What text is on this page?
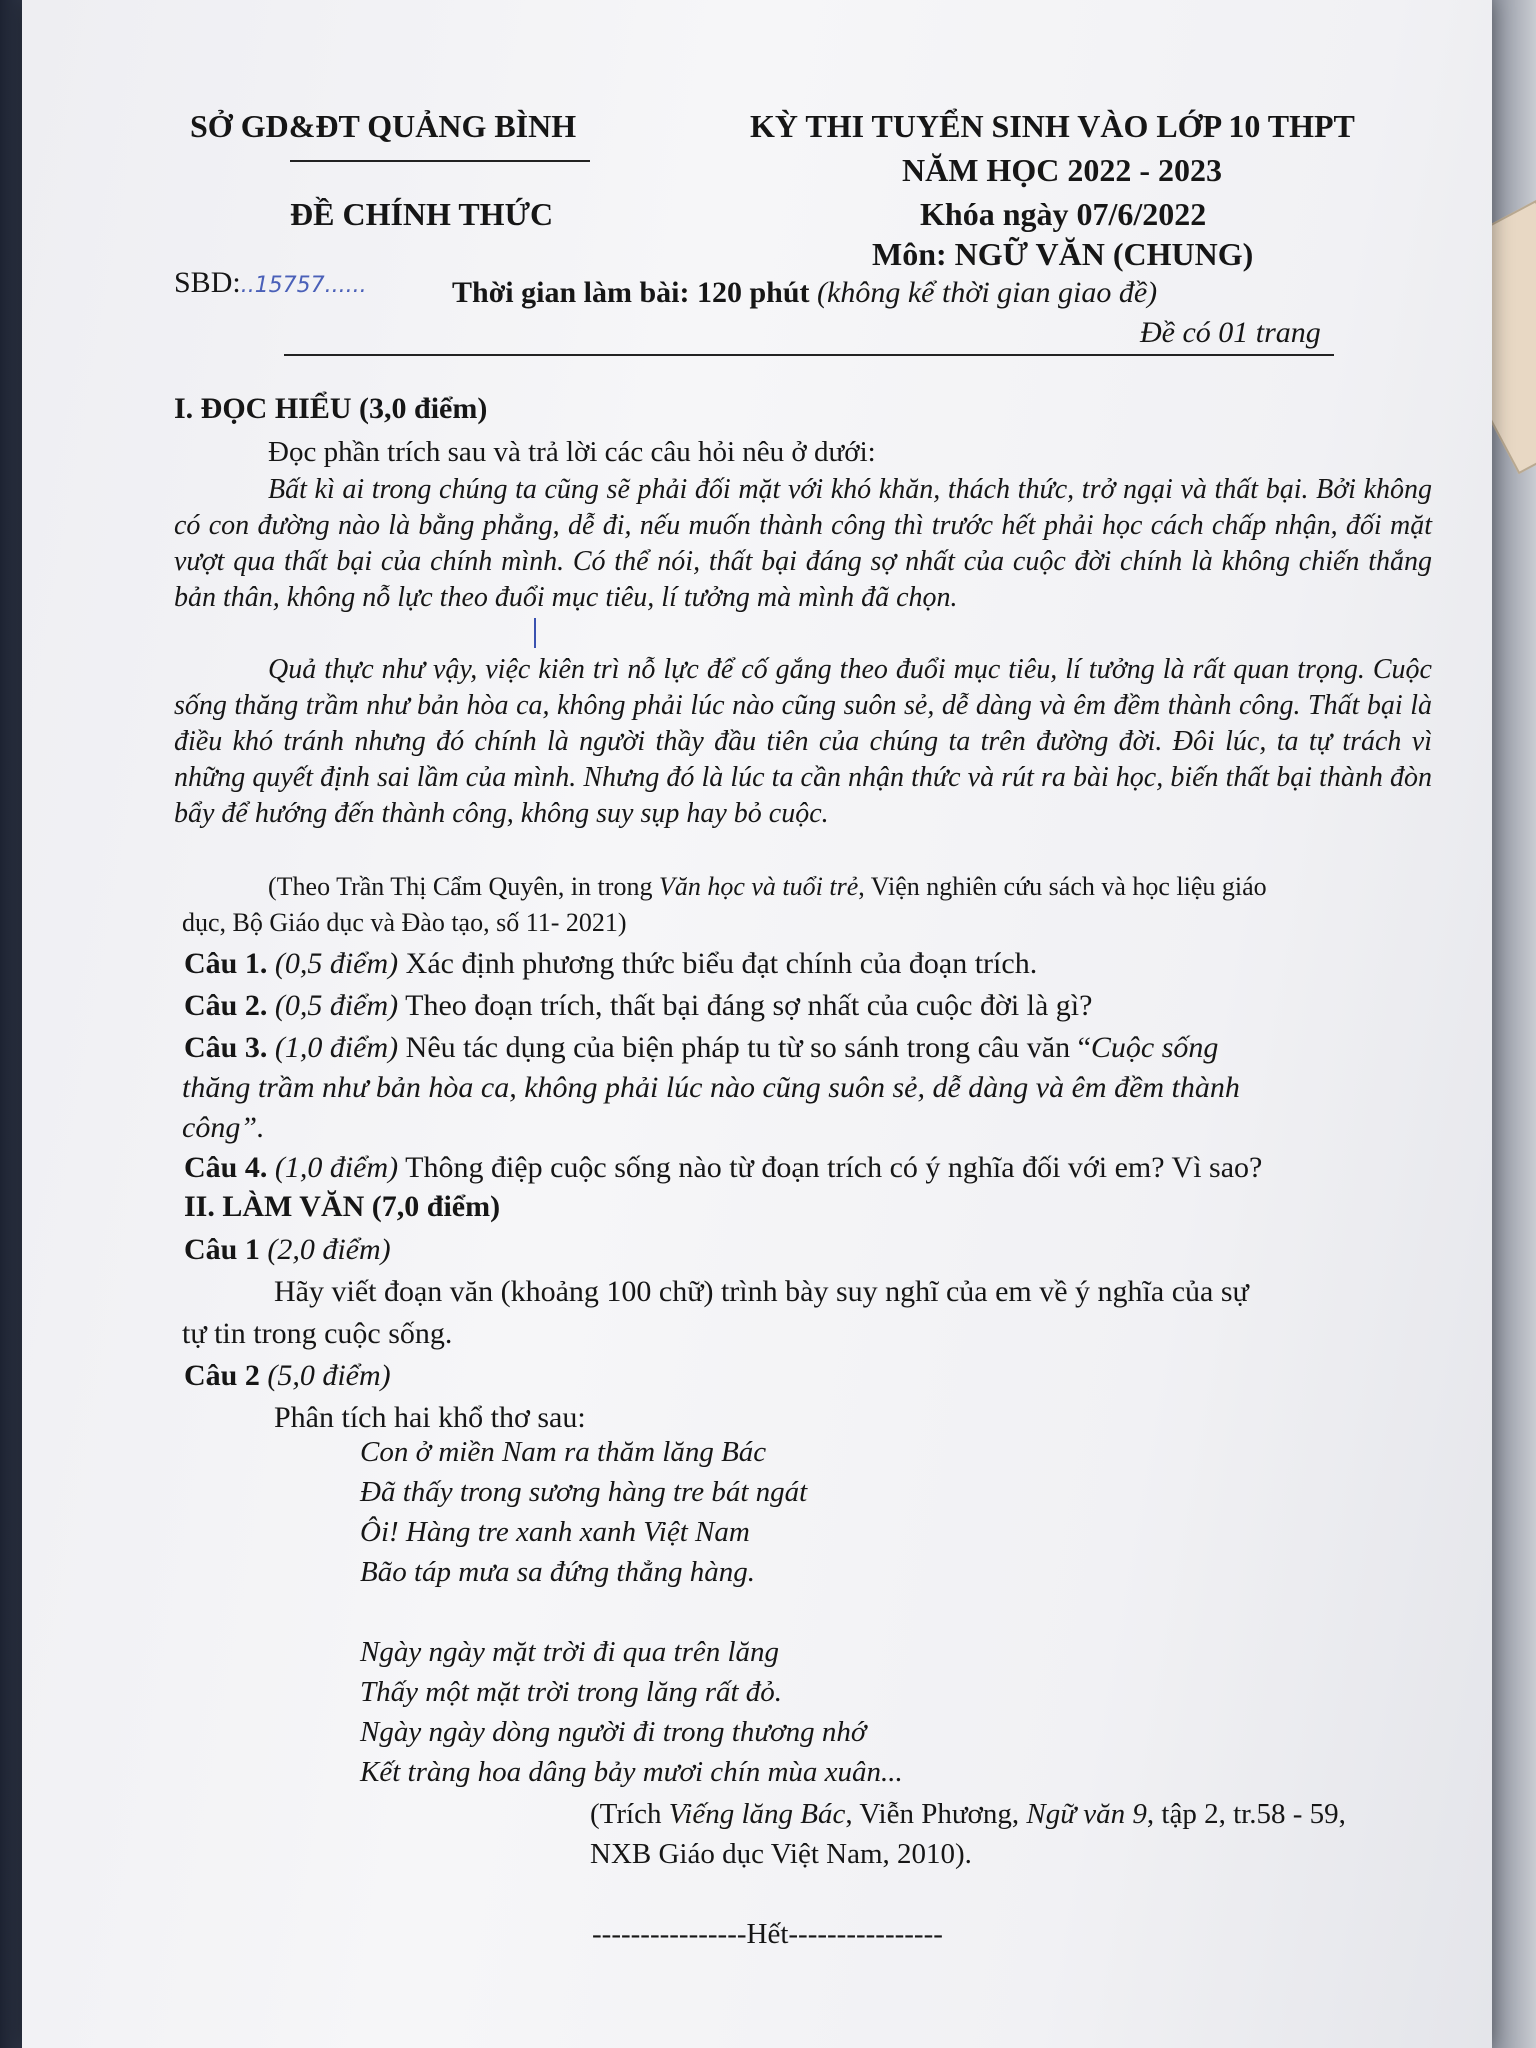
SỞ GD&ĐT QUẢNG BÌNH
ĐỀ CHÍNH THỨC
KỲ THI TUYỂN SINH VÀO LỚP 10 THPT
NĂM HỌC 2022 - 2023
Khóa ngày 07/6/2022
Môn: NGỮ VĂN (CHUNG)
SBD:..15757......	Thời gian làm bài: 120 phút (không kể thời gian giao đề)
Đề có 01 trang
I. ĐỌC HIỂU (3,0 điểm)
Đọc phần trích sau và trả lời các câu hỏi nêu ở dưới:
Bất kì ai trong chúng ta cũng sẽ phải đối mặt với khó khăn, thách thức, trở ngại và thất bại. Bởi không có con đường nào là bằng phẳng, dễ đi, nếu muốn thành công thì trước hết phải học cách chấp nhận, đối mặt vượt qua thất bại của chính mình. Có thể nói, thất bại đáng sợ nhất của cuộc đời chính là không chiến thắng bản thân, không nỗ lực theo đuổi mục tiêu, lí tưởng mà mình đã chọn.
Quả thực như vậy, việc kiên trì nỗ lực để cố gắng theo đuổi mục tiêu, lí tưởng là rất quan trọng. Cuộc sống thăng trầm như bản hòa ca, không phải lúc nào cũng suôn sẻ, dễ dàng và êm đềm thành công. Thất bại là điều khó tránh nhưng đó chính là người thầy đầu tiên của chúng ta trên đường đời. Đôi lúc, ta tự trách vì những quyết định sai lầm của mình. Nhưng đó là lúc ta cần nhận thức và rút ra bài học, biến thất bại thành đòn bẩy để hướng đến thành công, không suy sụp hay bỏ cuộc.
(Theo Trần Thị Cẩm Quyên, in trong Văn học và tuổi trẻ, Viện nghiên cứu sách và học liệu giáo
dục, Bộ Giáo dục và Đào tạo, số 11- 2021)
Câu 1. (0,5 điểm) Xác định phương thức biểu đạt chính của đoạn trích.
Câu 2. (0,5 điểm) Theo đoạn trích, thất bại đáng sợ nhất của cuộc đời là gì?
Câu 3. (1,0 điểm) Nêu tác dụng của biện pháp tu từ so sánh trong câu văn “Cuộc sống
thăng trầm như bản hòa ca, không phải lúc nào cũng suôn sẻ, dễ dàng và êm đềm thành
công”.
Câu 4. (1,0 điểm) Thông điệp cuộc sống nào từ đoạn trích có ý nghĩa đối với em? Vì sao?
II. LÀM VĂN (7,0 điểm)
Câu 1 (2,0 điểm)
Hãy viết đoạn văn (khoảng 100 chữ) trình bày suy nghĩ của em về ý nghĩa của sự
tự tin trong cuộc sống.
Câu 2 (5,0 điểm)
Phân tích hai khổ thơ sau:
Con ở miền Nam ra thăm lăng Bác
Đã thấy trong sương hàng tre bát ngát
Ôi! Hàng tre xanh xanh Việt Nam
Bão táp mưa sa đứng thẳng hàng.
Ngày ngày mặt trời đi qua trên lăng
Thấy một mặt trời trong lăng rất đỏ.
Ngày ngày dòng người đi trong thương nhớ
Kết tràng hoa dâng bảy mươi chín mùa xuân...
(Trích Viếng lăng Bác, Viễn Phương, Ngữ văn 9, tập 2, tr.58 - 59,
NXB Giáo dục Việt Nam, 2010).
----------------Hết----------------
